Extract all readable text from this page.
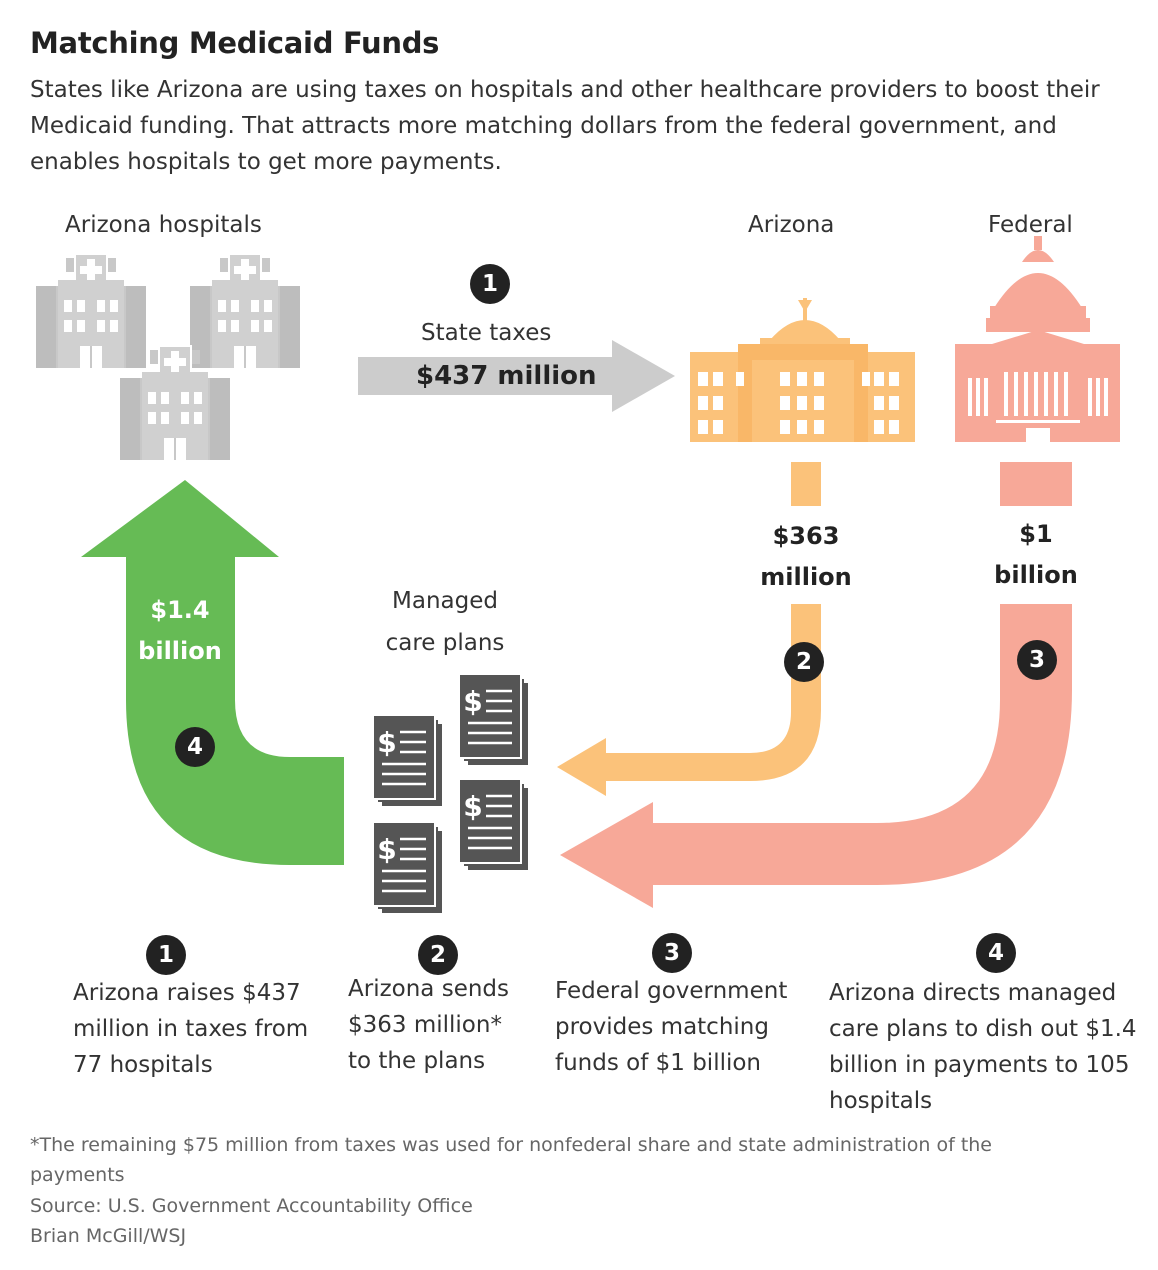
Matching Medicaid Funds
States like Arizona are using taxes on hospitals and other healthcare providers to boost their Medicaid funding. That attracts more matching dollars from the federal government, and enables hospitals to get more payments.
$
Arizona hospitals	Arizona	Federal
1
State taxes
$437 million
$363
million
$1
billion
$1.4
billion	2	3
4
Managed
care plans
1
Arizona raises $437 million in taxes from 77 hospitals
2
Arizona sends $363 million* to the plans
3
Federal government provides matching funds of $1 billion
4
Arizona directs managed care plans to dish out $1.4 billion in payments to 105 hospitals
*The remaining $75 million from taxes was used for nonfederal share and state administration of the payments
Source: U.S. Government Accountability Office
Brian McGill/WSJ
